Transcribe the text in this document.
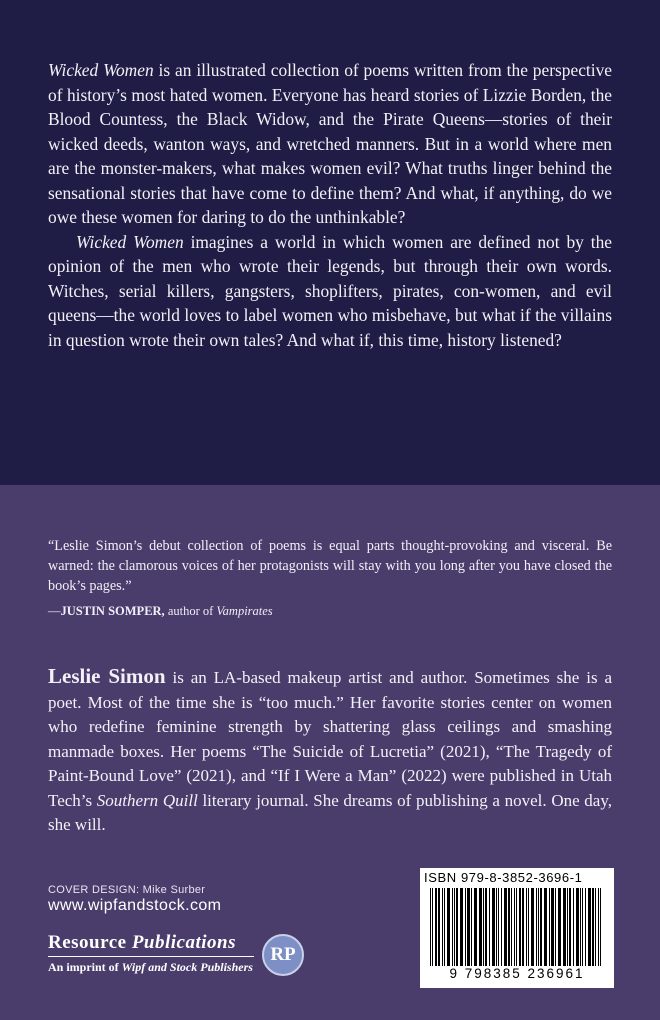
Wicked Women is an illustrated collection of poems written from the perspective of history’s most hated women. Everyone has heard stories of Lizzie Borden, the Blood Countess, the Black Widow, and the Pirate Queens—stories of their wicked deeds, wanton ways, and wretched manners. But in a world where men are the monster-makers, what makes women evil? What truths linger behind the sensational stories that have come to define them? And what, if anything, do we owe these women for daring to do the unthinkable?

Wicked Women imagines a world in which women are defined not by the opinion of the men who wrote their legends, but through their own words. Witches, serial killers, gangsters, shoplifters, pirates, con-women, and evil queens—the world loves to label women who misbehave, but what if the villains in question wrote their own tales? And what if, this time, history listened?

“Leslie Simon’s debut collection of poems is equal parts thought-provoking and visceral. Be warned: the clamorous voices of her protagonists will stay with you long after you have closed the book’s pages.”
—JUSTIN SOMPER, author of Vampirates
Leslie Simon is an LA-based makeup artist and author. Sometimes she is a poet. Most of the time she is “too much.” Her favorite stories center on women who redefine feminine strength by shattering glass ceilings and smashing manmade boxes. Her poems “The Suicide of Lucretia” (2021), “The Tragedy of Paint-Bound Love” (2021), and “If I Were a Man” (2022) were published in Utah Tech’s Southern Quill literary journal. She dreams of publishing a novel. One day, she will.
COVER DESIGN: Mike Surber
www.wipfandstock.com
Resource Publications
An imprint of Wipf and Stock Publishers
RP
ISBN 979-8-3852-3696-1
9 798385 236961
